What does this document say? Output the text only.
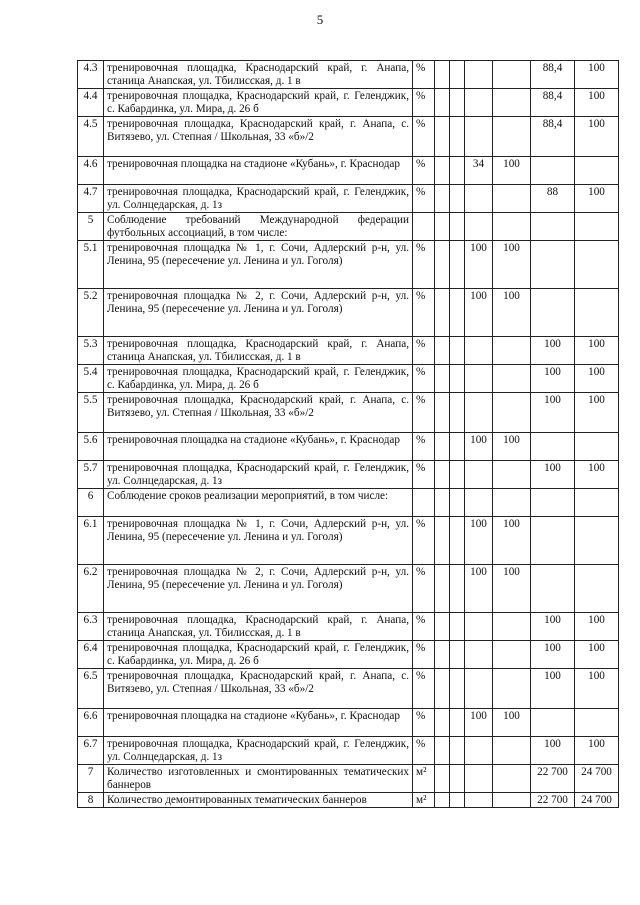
5
4.3	тренировочная площадка, Краснодарский край, г. Анапа, станица Анапская, ул. Тбилисская, д. 1 в	%					88,4	100
4.4	тренировочная площадка, Краснодарский край, г. Геленджик, с. Кабардинка, ул. Мира, д. 26 б	%					88,4	100
4.5	тренировочная площадка, Краснодарский край, г. Анапа, с. Витязево, ул. Степная / Школьная, 33 «б»/2	%					88,4	100
4.6	тренировочная площадка на стадионе «Кубань», г. Краснодар	%			34	100		
4.7	тренировочная площадка, Краснодарский край, г. Геленджик, ул. Солнцедарская, д. 1з	%					88	100
5	Соблюдение требований Международной федерации футбольных ассоциаций, в том числе:							
5.1	тренировочная площадка № 1, г. Сочи, Адлерский р-н, ул. Ленина, 95 (пересечение ул. Ленина и ул. Гоголя)	%			100	100		
5.2	тренировочная площадка № 2, г. Сочи, Адлерский р-н, ул. Ленина, 95 (пересечение ул. Ленина и ул. Гоголя)	%			100	100		
5.3	тренировочная площадка, Краснодарский край, г. Анапа, станица Анапская, ул. Тбилисская, д. 1 в	%					100	100
5.4	тренировочная площадка, Краснодарский край, г. Геленджик, с. Кабардинка, ул. Мира, д. 26 б	%					100	100
5.5	тренировочная площадка, Краснодарский край, г. Анапа, с. Витязево, ул. Степная / Школьная, 33 «б»/2	%					100	100
5.6	тренировочная площадка на стадионе «Кубань», г. Краснодар	%			100	100		
5.7	тренировочная площадка, Краснодарский край, г. Геленджик, ул. Солнцедарская, д. 1з	%					100	100
6	Соблюдение сроков реализации мероприятий, в том числе:							
6.1	тренировочная площадка № 1, г. Сочи, Адлерский р-н, ул. Ленина, 95 (пересечение ул. Ленина и ул. Гоголя)	%			100	100		
6.2	тренировочная площадка № 2, г. Сочи, Адлерский р-н, ул. Ленина, 95 (пересечение ул. Ленина и ул. Гоголя)	%			100	100		
6.3	тренировочная площадка, Краснодарский край, г. Анапа, станица Анапская, ул. Тбилисская, д. 1 в	%					100	100
6.4	тренировочная площадка, Краснодарский край, г. Геленджик, с. Кабардинка, ул. Мира, д. 26 б	%					100	100
6.5	тренировочная площадка, Краснодарский край, г. Анапа, с. Витязево, ул. Степная / Школьная, 33 «б»/2	%					100	100
6.6	тренировочная площадка на стадионе «Кубань», г. Краснодар	%			100	100		
6.7	тренировочная площадка, Краснодарский край, г. Геленджик, ул. Солнцедарская, д. 1з	%					100	100
7	Количество изготовленных и смонтированных тематических баннеров	м²					22 700	24 700
8	Количество демонтированных тематических баннеров	м²					22 700	24 700
